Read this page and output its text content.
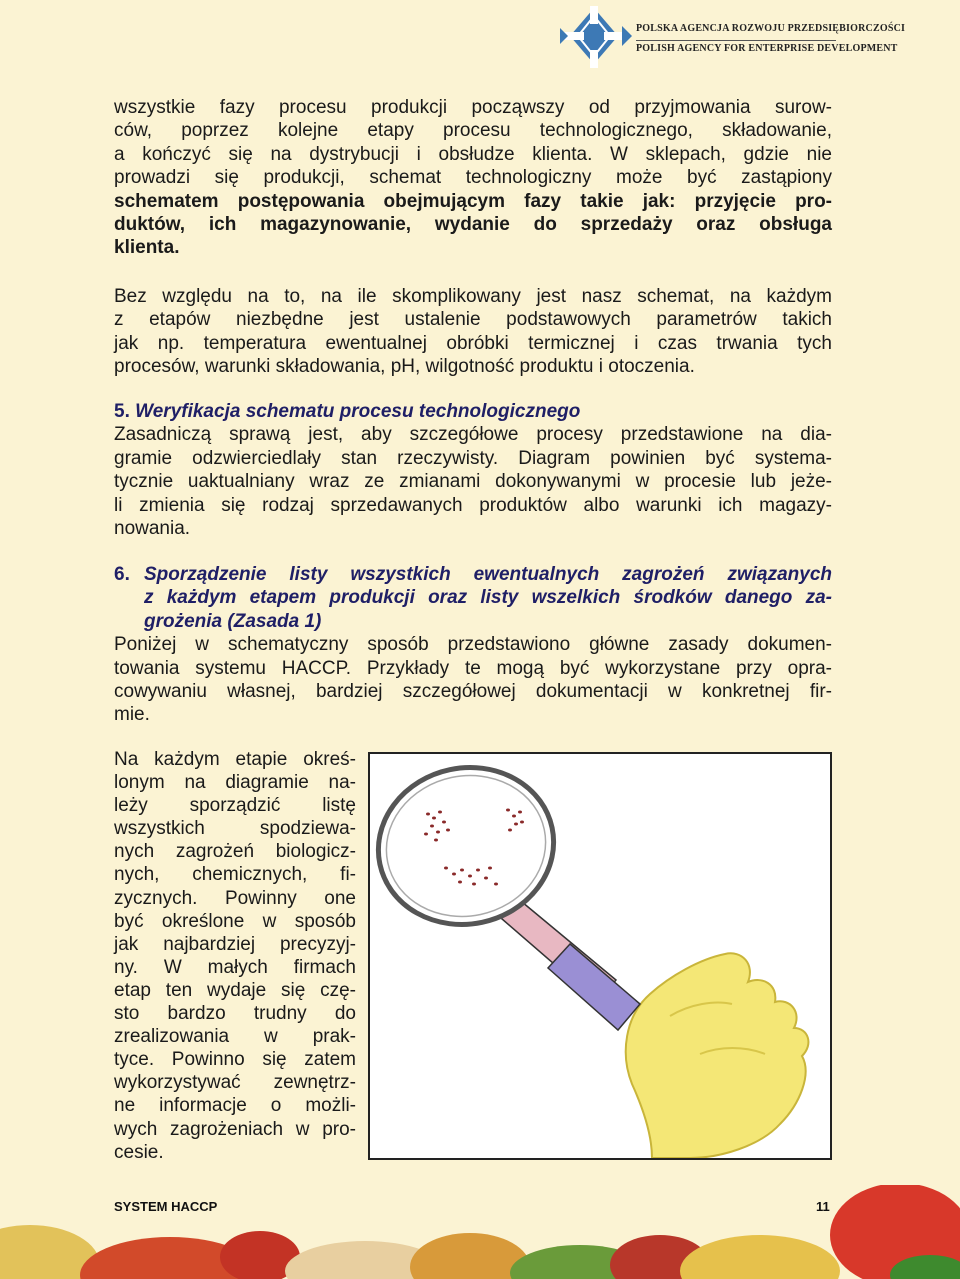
POLSKA AGENCJA ROZWOJU PRZEDSIĘBIORCZOŚCI
POLISH AGENCY FOR ENTERPRISE DEVELOPMENT
wszystkie fazy procesu produkcji począwszy od przyjmowania surow-
ców, poprzez kolejne etapy procesu technologicznego, składowanie,
a kończyć się na dystrybucji i obsłudze klienta. W sklepach, gdzie nie
prowadzi się produkcji, schemat technologiczny może być zastąpiony
schematem postępowania obejmującym fazy takie jak: przyjęcie pro-
duktów, ich magazynowanie, wydanie do sprzedaży oraz obsługa
klienta.
Bez względu na to, na ile skomplikowany jest nasz schemat, na każdym
z etapów niezbędne jest ustalenie podstawowych parametrów takich
jak np. temperatura ewentualnej obróbki termicznej i czas trwania tych
procesów, warunki składowania, pH, wilgotność produktu i otoczenia.
5. Weryfikacja schematu procesu technologicznego
Zasadniczą sprawą jest, aby szczegółowe procesy przedstawione na dia-
gramie odzwierciedlały stan rzeczywisty. Diagram powinien być systema-
tycznie uaktualniany wraz ze zmianami dokonywanymi w procesie lub jeże-
li zmienia się rodzaj sprzedawanych produktów albo warunki ich magazy-
nowania.
6. Sporządzenie listy wszystkich ewentualnych zagrożeń związanych
z każdym etapem produkcji oraz listy wszelkich środków danego za-
grożenia (Zasada 1)
Poniżej w schematyczny sposób przedstawiono główne zasady dokumen-
towania systemu HACCP. Przykłady te mogą być wykorzystane przy opra-
cowywaniu własnej, bardziej szczegółowej dokumentacji w konkretnej fir-
mie.
Na każdym etapie okreś-
lonym na diagramie na-
leży sporządzić listę
wszystkich spodziewa-
nych zagrożeń biologicz-
nych, chemicznych, fi-
zycznych. Powinny one
być określone w sposób
jak najbardziej precyzyj-
ny. W małych firmach
etap ten wydaje się czę-
sto bardzo trudny do
zrealizowania w prak-
tyce. Powinno się zatem
wykorzystywać zewnętrz-
ne informacje o możli-
wych zagrożeniach w pro-
cesie.
SYSTEM HACCP	11
